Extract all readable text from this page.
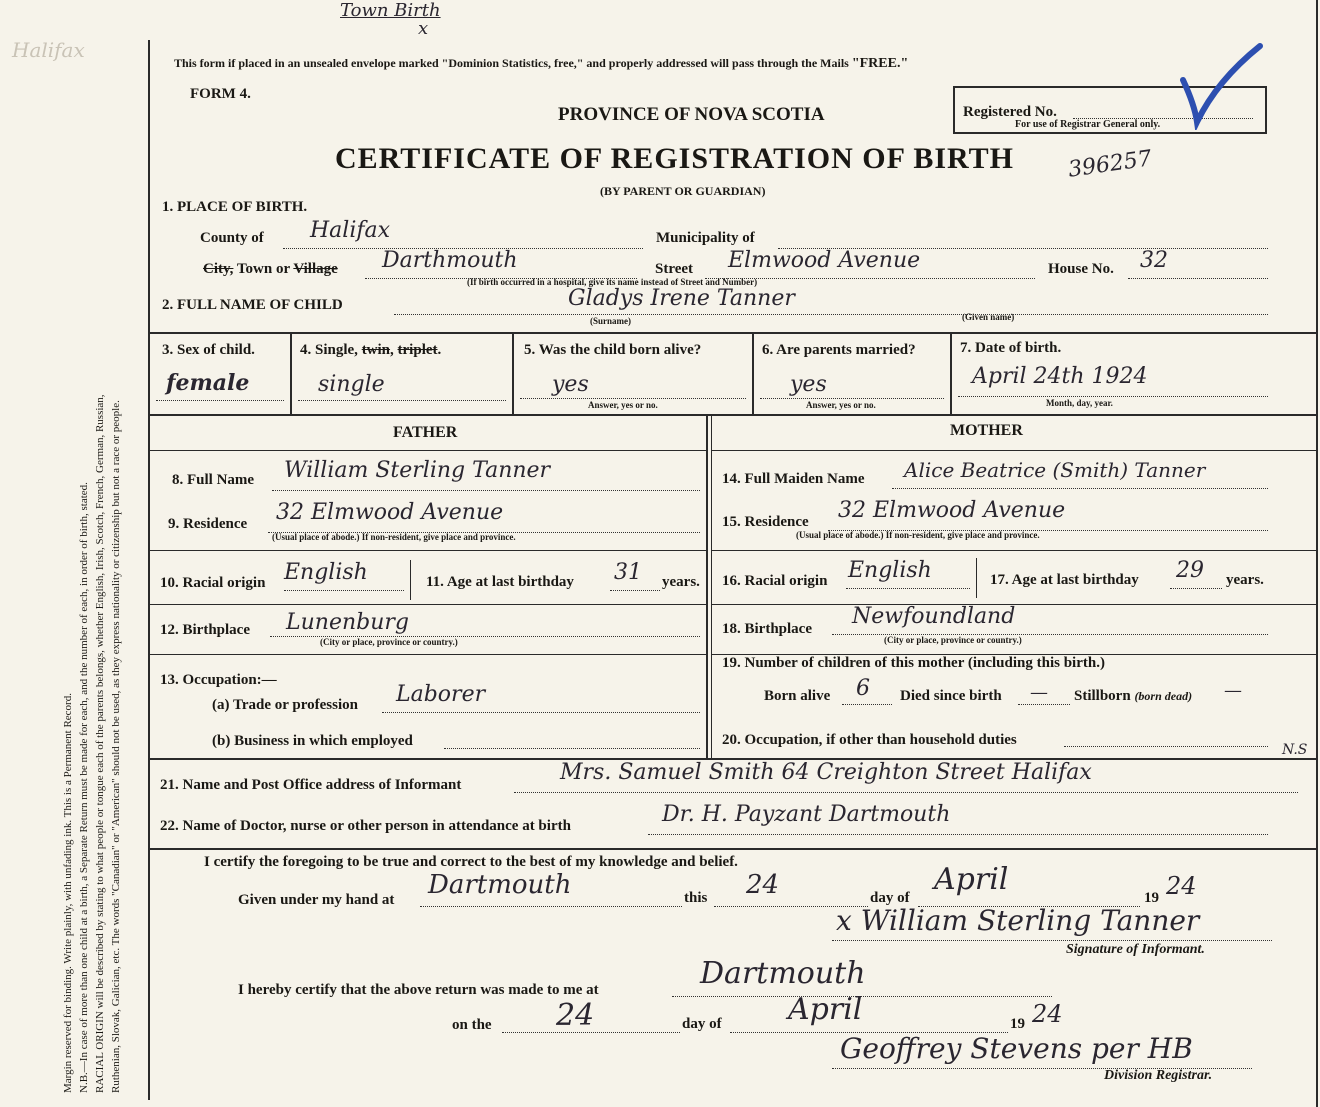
Town Birth
x
Halifax
Margin reserved for binding. Write plainly, with unfading ink. This is a Permanent Record. N.B.—In case of more than one child at a birth, a Separate Return must be made for each, and the number of each, in order of birth, stated. RACIAL ORIGIN will be described by stating to what people or tongue each of the parents belongs, whether English, Irish, Scotch, French, German, Russian, Ruthenian, Slovak, Galician, etc. The words "Canadian" or "American" should not be used, as they express nationality or citizenship but not a race or people.
This form if placed in an unsealed envelope marked "Dominion Statistics, free," and properly addressed will pass through the Mails "FREE."
FORM 4.
PROVINCE OF NOVA SCOTIA
CERTIFICATE OF REGISTRATION OF BIRTH
(BY PARENT OR GUARDIAN)
Registered No.
For use of Registrar General only.
396257
1. PLACE OF BIRTH.
County of Halifax	Municipality of
City, Town or Village Darthmouth	Street Elmwood Avenue	House No. 32
(If birth occurred in a hospital, give its name instead of Street and Number)
2. FULL NAME OF CHILD	Gladys Irene Tanner
(Surname)	(Given name)
3. Sex of child.
female
4. Single, twin, triplet.
single
5. Was the child born alive?
yes
Answer, yes or no.
6. Are parents married?
yes
Answer, yes or no.
7. Date of birth.
April 24th 1924
Month, day, year.
FATHER
8. Full Name William Sterling Tanner
9. Residence 32 Elmwood Avenue
(Usual place of abode.) If non-resident, give place and province.
10. Racial origin English	11. Age at last birthday 31 years.
12. Birthplace Lunenburg
(City or place, province or country.)
13. Occupation:—
(a) Trade or profession Laborer
(b) Business in which employed
MOTHER
14. Full Maiden Name Alice Beatrice (Smith) Tanner
15. Residence 32 Elmwood Avenue
(Usual place of abode.) If non-resident, give place and province.
16. Racial origin English	17. Age at last birthday 29 years.
18. Birthplace Newfoundland
(City or place, province or country.)
19. Number of children of this mother (including this birth.)
Born alive 6 Died since birth — Stillborn (born dead) —
20. Occupation, if other than household duties
21. Name and Post Office address of Informant	Mrs. Samuel Smith 64 Creighton Street Halifax
N.S
22. Name of Doctor, nurse or other person in attendance at birth	Dr. H. Payzant Dartmouth
I certify the foregoing to be true and correct to the best of my knowledge and belief.
Given under my hand at Dartmouth	this 24	day of
April
19 24
x William Sterling Tanner
Signature of Informant.
I hereby certify that the above return was made to me at	Dartmouth
on the 24	day of April	19 24
Geoffrey Stevens per HB
Division Registrar.
